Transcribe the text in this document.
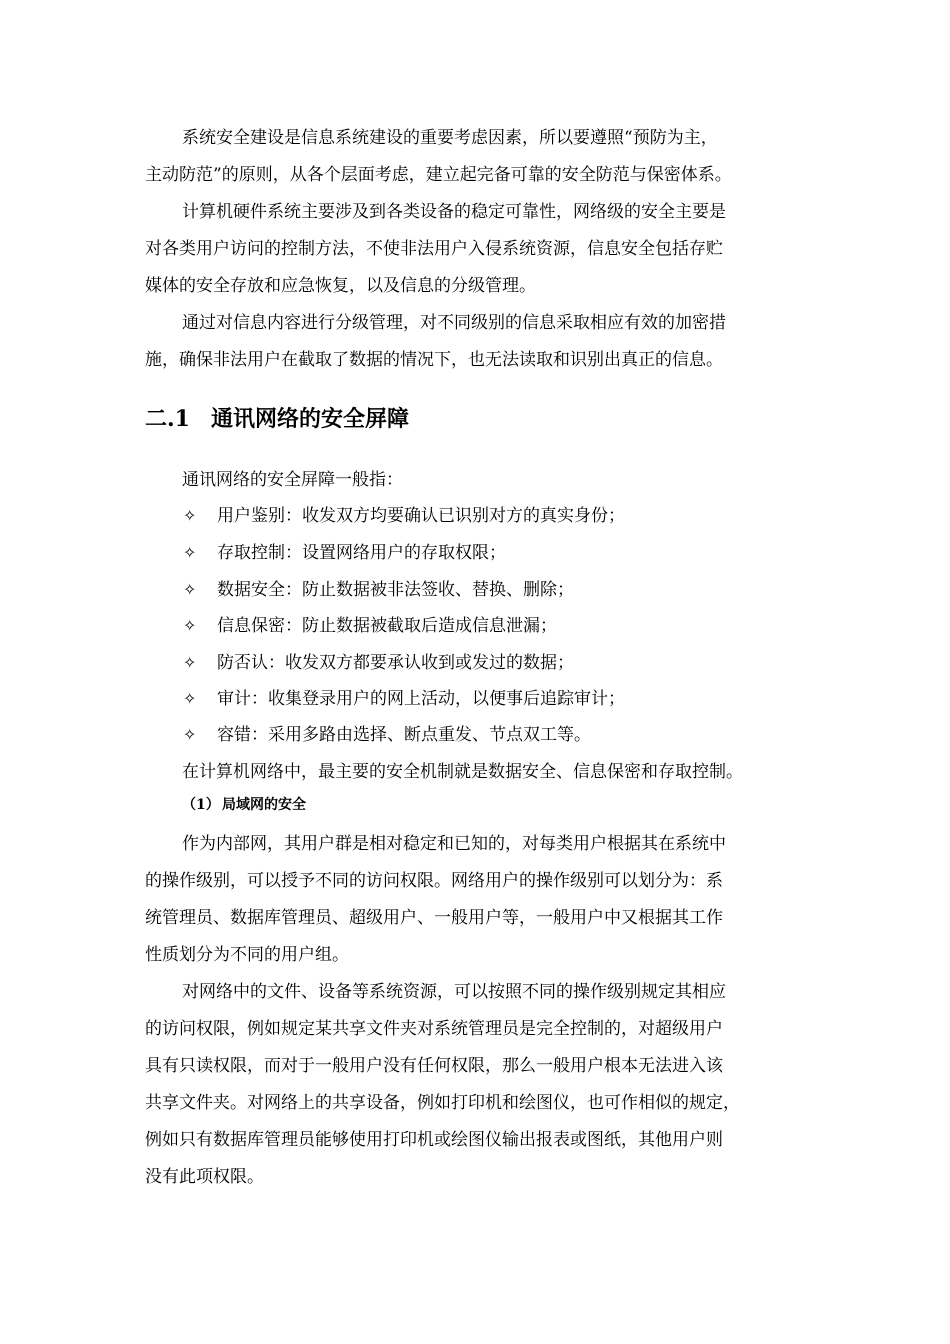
系统安全建设是信息系统建设的重要考虑因素，所以要遵照“预防为主，
主动防范”的原则，从各个层面考虑，建立起完备可靠的安全防范与保密体系。
计算机硬件系统主要涉及到各类设备的稳定可靠性，网络级的安全主要是
对各类用户访问的控制方法，不使非法用户入侵系统资源，信息安全包括存贮
媒体的安全存放和应急恢复，以及信息的分级管理。
通过对信息内容进行分级管理，对不同级别的信息采取相应有效的加密措
施，确保非法用户在截取了数据的情况下，也无法读取和识别出真正的信息。
二.1 通讯网络的安全屏障
通讯网络的安全屏障一般指：
✧ 用户鉴别：收发双方均要确认已识别对方的真实身份；
✧ 存取控制：设置网络用户的存取权限；
✧ 数据安全：防止数据被非法签收、替换、删除；
✧ 信息保密：防止数据被截取后造成信息泄漏；
✧ 防否认：收发双方都要承认收到或发过的数据；
✧ 审计：收集登录用户的网上活动，以便事后追踪审计；
✧ 容错：采用多路由选择、断点重发、节点双工等。
在计算机网络中，最主要的安全机制就是数据安全、信息保密和存取控制。
（1） 局域网的安全
作为内部网，其用户群是相对稳定和已知的，对每类用户根据其在系统中
的操作级别，可以授予不同的访问权限。网络用户的操作级别可以划分为：系
统管理员、数据库管理员、超级用户、一般用户等，一般用户中又根据其工作
性质划分为不同的用户组。
对网络中的文件、设备等系统资源，可以按照不同的操作级别规定其相应
的访问权限，例如规定某共享文件夹对系统管理员是完全控制的，对超级用户
具有只读权限，而对于一般用户没有任何权限，那么一般用户根本无法进入该
共享文件夹。对网络上的共享设备，例如打印机和绘图仪，也可作相似的规定，
例如只有数据库管理员能够使用打印机或绘图仪输出报表或图纸，其他用户则
没有此项权限。
